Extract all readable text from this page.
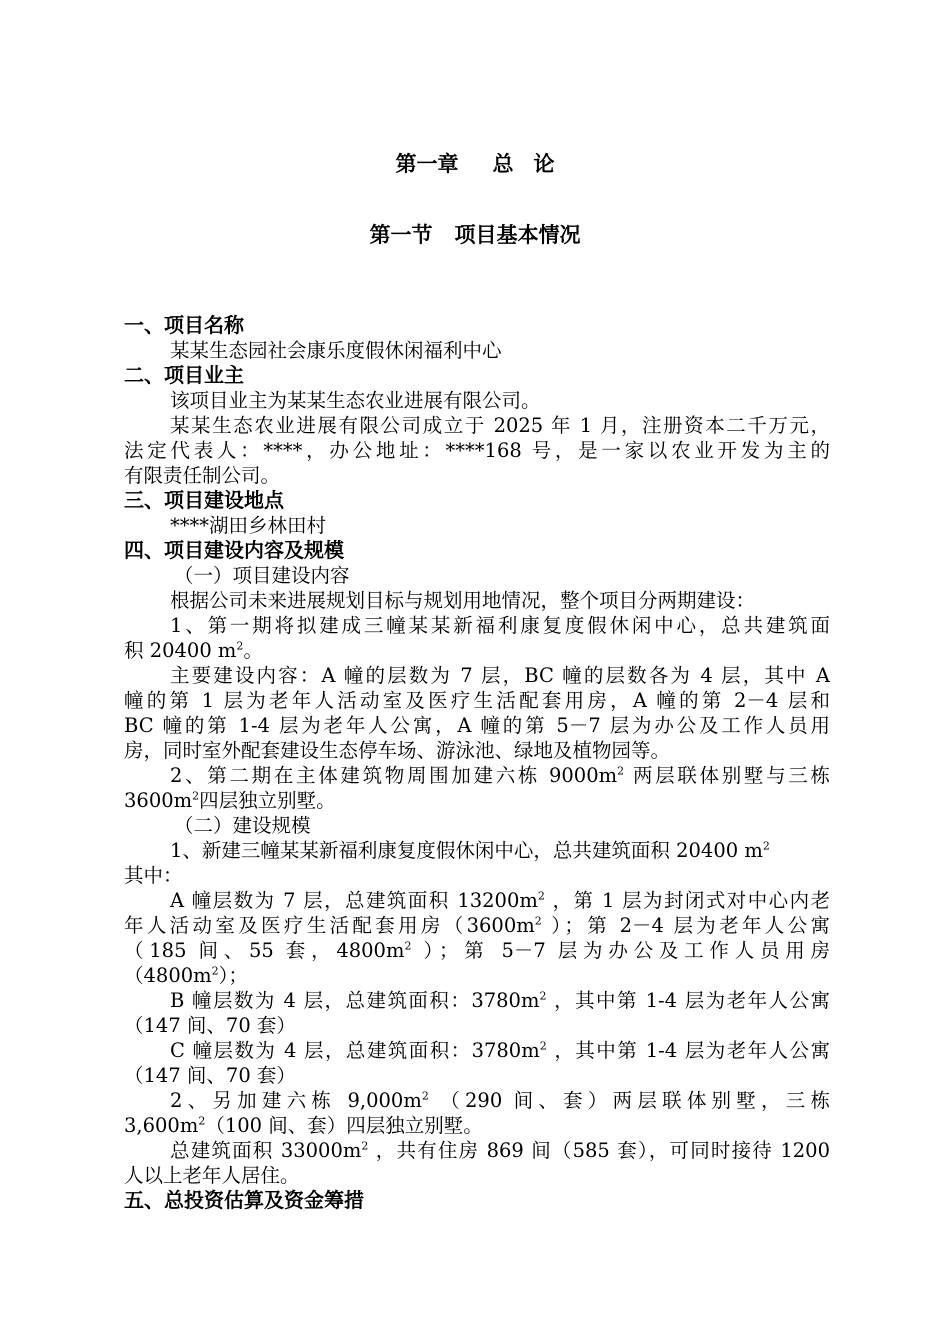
第一章 总 论
第一节 项目基本情况
一、项目名称
某某生态园社会康乐度假休闲福利中心
二、项目业主
该项目业主为某某生态农业进展有限公司。
某某生态农业进展有限公司成立于 2025 年 1 月，注册资本二千万元，
法定代表人：****，办公地址：****168 号，是一家以农业开发为主的
有限责任制公司。
三、项目建设地点
****湖田乡林田村
四、项目建设内容及规模
（一）项目建设内容
根据公司未来进展规划目标与规划用地情况，整个项目分两期建设：
1、第一期将拟建成三幢某某新福利康复度假休闲中心，总共建筑面
积 20400 $m^2$。
主要建设内容：A 幢的层数为 7 层，BC 幢的层数各为 4 层，其中 A
幢的第 1 层为老年人活动室及医疗生活配套用房，A 幢的第 2－4 层和
BC 幢的第 1-4 层为老年人公寓，A 幢的第 5－7 层为办公及工作人员用
房，同时室外配套建设生态停车场、游泳池、绿地及植物园等。
2、第二期在主体建筑物周围加建六栋 $9000m^2$ 两层联体别墅与三栋
$3600m^2$四层独立别墅。
（二）建设规模
1、新建三幢某某新福利康复度假休闲中心，总共建筑面积 20400 $m^2$
其中：
A 幢层数为 7 层，总建筑面积 $13200m^2$ ，第 1 层为封闭式对中心内老
年人活动室及医疗生活配套用房（$3600m^2$ ）；第 2－4 层为老年人公寓
（185 间、55 套，$4800m^2$ ）；第 5－7 层为办公及工作人员用房
$(4800m^2)$；
B 幢层数为 4 层，总建筑面积：$3780m^2$ ，其中第 1-4 层为老年人公寓
（147 间、70 套）
C 幢层数为 4 层，总建筑面积：$3780m^2$ ，其中第 1-4 层为老年人公寓
（147 间、70 套）
2、另加建六栋 $9,000m^2$ （290 间、套）两层联体别墅，三栋
$3,600m^2(100$ 间、套）四层独立别墅。
总建筑面积 $33000m^2$ ，共有住房 869 间（585 套），可同时接待 1200
人以上老年人居住。
五、总投资估算及资金筹措
